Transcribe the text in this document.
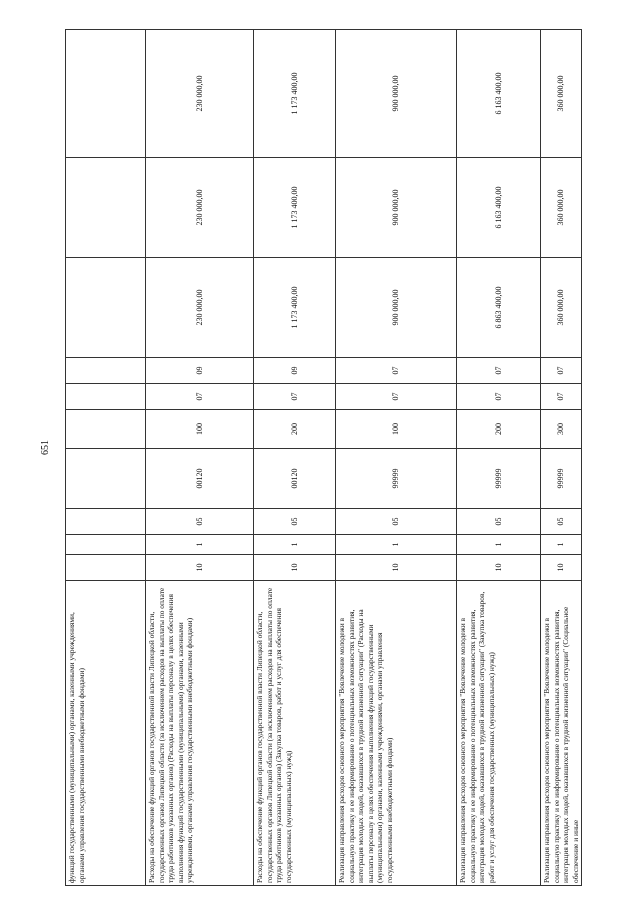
651
функций государственными (муниципальными) органами, казенными учреждениями, органами управления государственными внебюджетными фондами)										
Расходы на обеспечение функций органов государственной власти Липецкой области, государственных органов Липецкой области (за исключением расходов на выплаты по оплате труда работников указанных органов) (Расходы на выплаты персоналу в целях обеспечения выполнения функций государственными (муниципальными) органами, казенными учреждениями, органами управления государственными внебюджетными фондами)	10	1	05	00120	100	07	09	230 000,00	230 000,00	230 000,00
Расходы на обеспечение функций органов государственной власти Липецкой области, государственных органов Липецкой области (за исключением расходов на выплаты по оплате труда работников указанных органов) (Закупка товаров, работ и услуг для обеспечения государственных (муниципальных) нужд)	10	1	05	00120	200	07	09	1 173 400,00	1 173 400,00	1 173 400,00
Реализация направления расходов основного мероприятия "Вовлечение молодежи в социальную практику и ее информирование о потенциальных возможностях развития, интеграция молодых людей, оказавшихся в трудной жизненной ситуации" (Расходы на выплаты персоналу в целях обеспечения выполнения функций государственными (муниципальными) органами, казенными учреждениями, органами управления государственными внебюджетными фондами)	10	1	05	99999	100	07	07	900 000,00	900 000,00	900 000,00
Реализация направления расходов основного мероприятия "Вовлечение молодежи в социальную практику и ее информирование о потенциальных возможностях развития, интеграция молодых людей, оказавшихся в трудной жизненной ситуации" (Закупка товаров, работ и услуг для обеспечения государственных (муниципальных) нужд)	10	1	05	99999	200	07	07	6 863 400,00	6 163 400,00	6 163 400,00
Реализация направления расходов основного мероприятия "Вовлечение молодежи в социальную практику и ее информирование о потенциальных возможностях развития, интеграция молодых людей, оказавшихся в трудной жизненной ситуации" (Социальное обеспечение и иные	10	1	05	99999	300	07	07	360 000,00	360 000,00	360 000,00
